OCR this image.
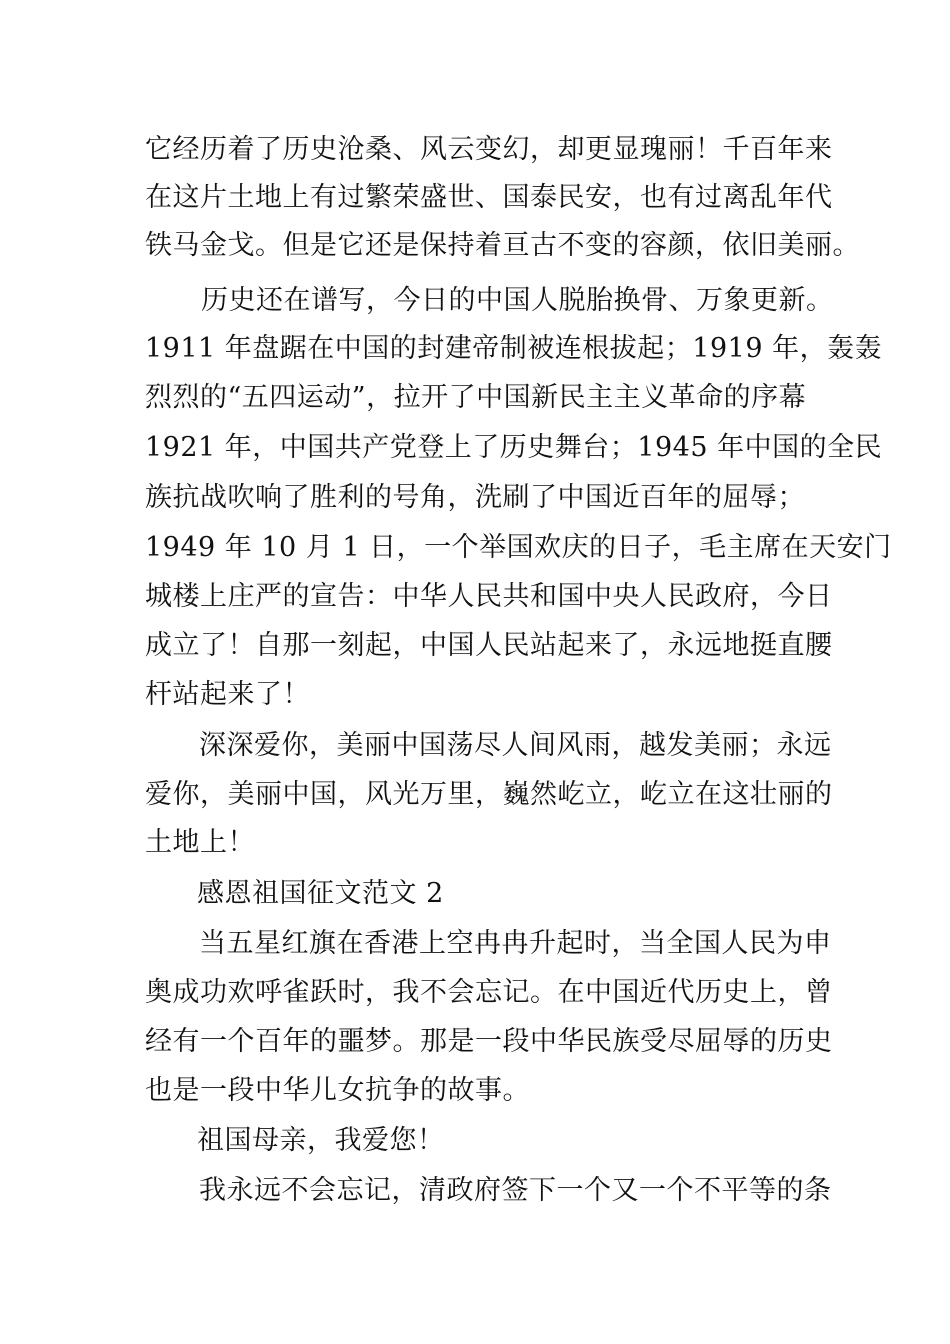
它经历着了历史沧桑、风云变幻，却更显瑰丽！千百年来
在这片土地上有过繁荣盛世、国泰民安，也有过离乱年代
铁马金戈。但是它还是保持着亘古不变的容颜，依旧美丽。
历史还在谱写，今日的中国人脱胎换骨、万象更新。
1911 年盘踞在中国的封建帝制被连根拔起；1919 年，轰轰
烈烈的“五四运动”，拉开了中国新民主主义革命的序幕
1921 年，中国共产党登上了历史舞台；1945 年中国的全民
族抗战吹响了胜利的号角，洗刷了中国近百年的屈辱；
1949 年 10 月 1 日，一个举国欢庆的日子，毛主席在天安门
城楼上庄严的宣告：中华人民共和国中央人民政府，今日
成立了！自那一刻起，中国人民站起来了，永远地挺直腰
杆站起来了！
深深爱你，美丽中国荡尽人间风雨，越发美丽；永远
爱你，美丽中国，风光万里，巍然屹立，屹立在这壮丽的
土地上！
感恩祖国征文范文 2
当五星红旗在香港上空冉冉升起时，当全国人民为申
奥成功欢呼雀跃时，我不会忘记。在中国近代历史上，曾
经有一个百年的噩梦。那是一段中华民族受尽屈辱的历史
也是一段中华儿女抗争的故事。
祖国母亲，我爱您！
我永远不会忘记，清政府签下一个又一个不平等的条
